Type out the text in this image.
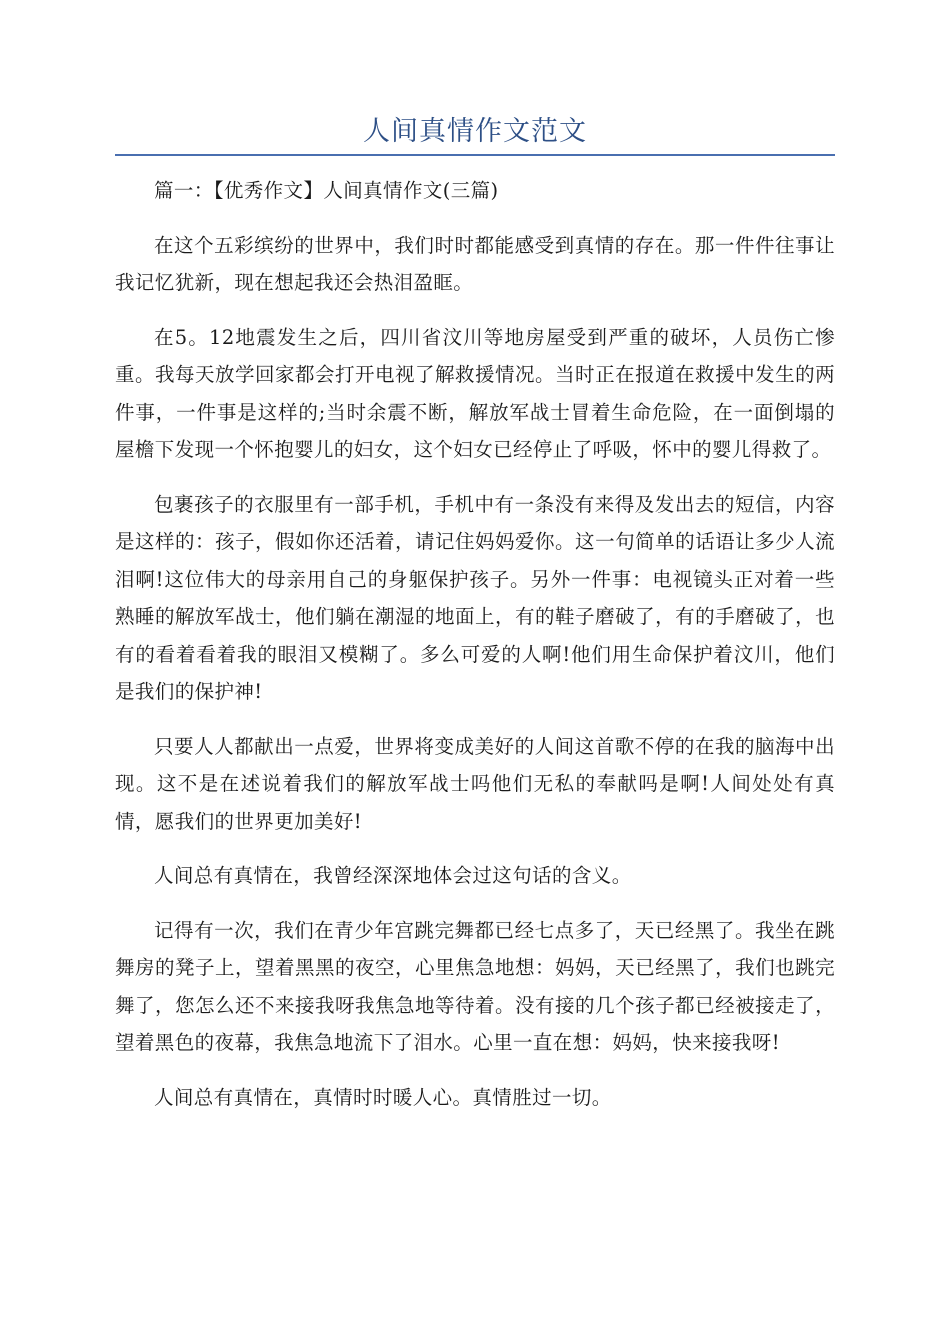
人间真情作文范文

篇一：【优秀作文】人间真情作文(三篇)

在这个五彩缤纷的世界中，我们时时都能感受到真情的存在。那一件件往事让我记忆犹新，现在想起我还会热泪盈眶。

在5。12地震发生之后，四川省汶川等地房屋受到严重的破坏，人员伤亡惨重。我每天放学回家都会打开电视了解救援情况。当时正在报道在救援中发生的两件事，一件事是这样的;当时余震不断，解放军战士冒着生命危险，在一面倒塌的屋檐下发现一个怀抱婴儿的妇女，这个妇女已经停止了呼吸，怀中的婴儿得救了。

包裹孩子的衣服里有一部手机，手机中有一条没有来得及发出去的短信，内容是这样的：孩子，假如你还活着，请记住妈妈爱你。这一句简单的话语让多少人流泪啊!这位伟大的母亲用自己的身躯保护孩子。另外一件事：电视镜头正对着一些熟睡的解放军战士，他们躺在潮湿的地面上，有的鞋子磨破了，有的手磨破了，也有的看着看着我的眼泪又模糊了。多么可爱的人啊!他们用生命保护着汶川，他们是我们的保护神!

只要人人都献出一点爱，世界将变成美好的人间这首歌不停的在我的脑海中出现。这不是在述说着我们的解放军战士吗他们无私的奉献吗是啊!人间处处有真情，愿我们的世界更加美好!

人间总有真情在，我曾经深深地体会过这句话的含义。

记得有一次，我们在青少年宫跳完舞都已经七点多了，天已经黑了。我坐在跳舞房的凳子上，望着黑黑的夜空，心里焦急地想：妈妈，天已经黑了，我们也跳完舞了，您怎么还不来接我呀我焦急地等待着。没有接的几个孩子都已经被接走了，望着黑色的夜幕，我焦急地流下了泪水。心里一直在想：妈妈，快来接我呀!

人间总有真情在，真情时时暖人心。真情胜过一切。
